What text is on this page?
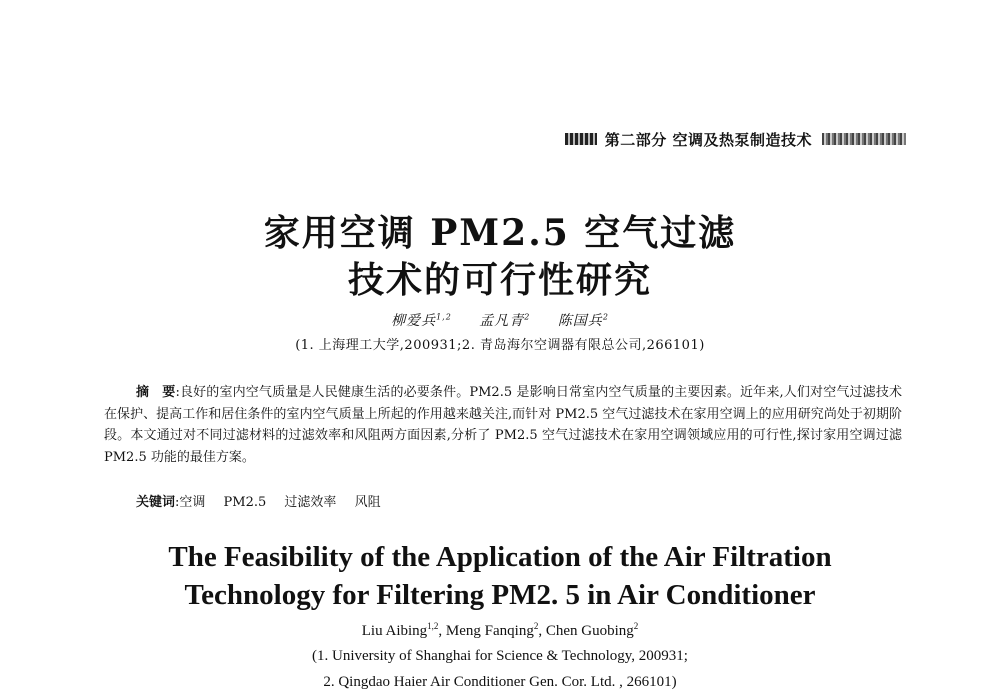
第二部分 空调及热泵制造技术
家用空调 PM2.5 空气过滤
技术的可行性研究
柳爱兵$^{1,2}$ 孟凡青$^2$ 陈国兵$^2$
(1. 上海理工大学,200931;2. 青岛海尔空调器有限总公司,266101)
摘　要:良好的室内空气质量是人民健康生活的必要条件。PM2.5 是影响日常室内空气质量的主要因素。近年来,人们对空气过滤技术在保护、提高工作和居住条件的室内空气质量上所起的作用越来越关注,而针对 PM2.5 空气过滤技术在家用空调上的应用研究尚处于初期阶段。本文通过对不同过滤材料的过滤效率和风阻两方面因素,分析了 PM2.5 空气过滤技术在家用空调领域应用的可行性,探讨家用空调过滤 PM2.5 功能的最佳方案。
关键词:空调 PM2.5 过滤效率 风阻
The Feasibility of the Application of the Air Filtration
Technology for Filtering PM2. 5 in Air Conditioner
Liu Aibing$^{1,2}$, Meng Fanqing$^2$, Chen Guobing$^2$
(1. University of Shanghai for Science & Technology, 200931;
2. Qingdao Haier Air Conditioner Gen. Cor. Ltd. , 266101)
